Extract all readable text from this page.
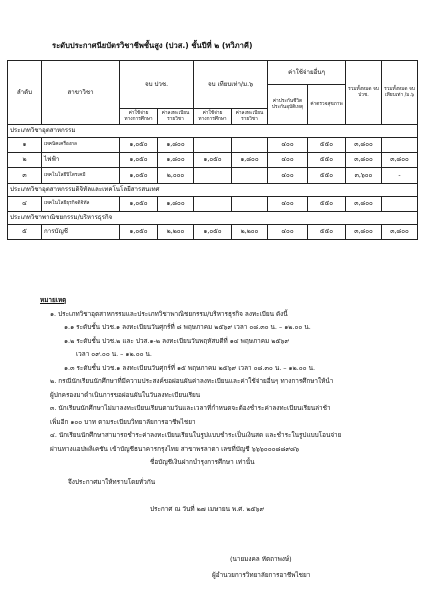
ระดับประกาศนียบัตรวิชาชีพชั้นสูง (ปวส.) ชั้นปีที่ ๒ (ทวิภาคี)
ลำดับ	สาขาวิชา	จบ ปวช.		จบ เทียบเท่า/ม.๖		ค่าใช้จ่ายอื่นๆ		รวมทั้งหมด จบ ปวช.	รวมทั้งหมด จบ เทียบเท่า /ม.๖
						ค่าประกันชีวิต ประกันอุบัติเหตุ	ค่าตรวจสุขภาพ		
		ค่าใช้จ่ายทางการศึกษา	ค่าลงทะเบียนรายวิชา	ค่าใช้จ่ายทางการศึกษา	ค่าลงทะเบียนรายวิชา				
ประเภทวิชาอุตสาหกรรม									
๑	เทคนิคเครื่องกล	๑,๐๕๐	๑,๘๐๐			๔๐๐	๕๕๐	๓,๘๐๐	
๒	ไฟฟ้า	๑,๐๕๐	๑,๘๐๐	๑,๐๕๐	๑,๘๐๐	๔๐๐	๕๕๐	๓,๘๐๐	๓,๘๐๐
๓	เทคโนโลยีปิโตรเคมี	๑,๐๕๐	๒,๐๐๐			๔๐๐	๕๕๐	๓,๖๐๐	-
ประเภทวิชาอุตสาหกรรมดิจิทัลและเทคโนโลยีสารสนเทศ									
๔	เทคโนโลยีธุรกิจดิจิทัล	๑,๐๕๐	๑,๘๐๐			๔๐๐	๕๕๐	๓,๘๐๐	
ประเภทวิชาพาณิชยกรรม/บริหารธุรกิจ									
๕	การบัญชี	๑,๐๕๐	๒,๒๐๐	๑,๐๕๐	๒,๒๐๐	๔๐๐	๕๕๐	๓,๘๐๐	๓,๘๐๐
หมายเหตุ
๑. ประเภทวิชาอุตสาหกรรมและประเภทวิชาพาณิชยกรรม/บริหารธุรกิจ ลงทะเบียน ดังนี้
๑.๑ ระดับชั้น ปวช.๑ ลงทะเบียนวันศุกร์ที่ ๘ พฤษภาคม ๒๕๖๙ เวลา ๐๘.๓๐ น. – ๑๒.๐๐ น.
๑.๒ ระดับชั้น ปวช.๒ และ ปวส.๑-๒ ลงทะเบียนวันพฤหัสบดีที่ ๑๔ พฤษภาคม ๒๕๖๙
เวลา ๐๙.๐๐ น. – ๑๒.๐๐ น.
๑.๓ ระดับชั้น ปวช.๑ ลงทะเบียนวันศุกร์ที่ ๑๕ พฤษภาคม ๒๕๖๙ เวลา ๐๘.๓๐ น. – ๑๒.๐๐ น.
๒. กรณีนักเรียนนักศึกษาที่มีความประสงค์ขอผ่อนผันค่าลงทะเบียนและค่าใช้จ่ายอื่นๆ ทางการศึกษาให้นำ
ผู้ปกครองมาดำเนินการขอผ่อนผันในวันลงทะเบียนเรียน
๓. นักเรียนนักศึกษาไม่มาลงทะเบียนเรียนตามวันและเวลาที่กำหนดจะต้องชำระค่าลงทะเบียนเรียนล่าช้า
เพิ่มอีก ๑๐๐ บาท ตามระเบียบวิทยาลัยการอาชีพไชยา
๔. นักเรียนนักศึกษาสามารถชำระค่าลงทะเบียนเรียนในรูปแบบชำระเป็นเงินสด และชำระในรูปแบบโอนจ่าย
ผ่านทางแอปพลิเคชัน เข้าบัญชีธนาคารกรุงไทย สาขาพรลาตา เลขที่บัญชี ๖๖๖๐๐๐๘๘๙๘๖
ชื่อบัญชีเงินฝากบำรุงการศึกษา เท่านั้น
จึงประกาศมาให้ทราบโดยทั่วกัน
ประกาศ ณ วันที่ ๒๗ เมษายน พ.ศ. ๒๕๖๙
(นายมงคล หัตถาพงษ์)
ผู้อำนวยการวิทยาลัยการอาชีพไชยา
